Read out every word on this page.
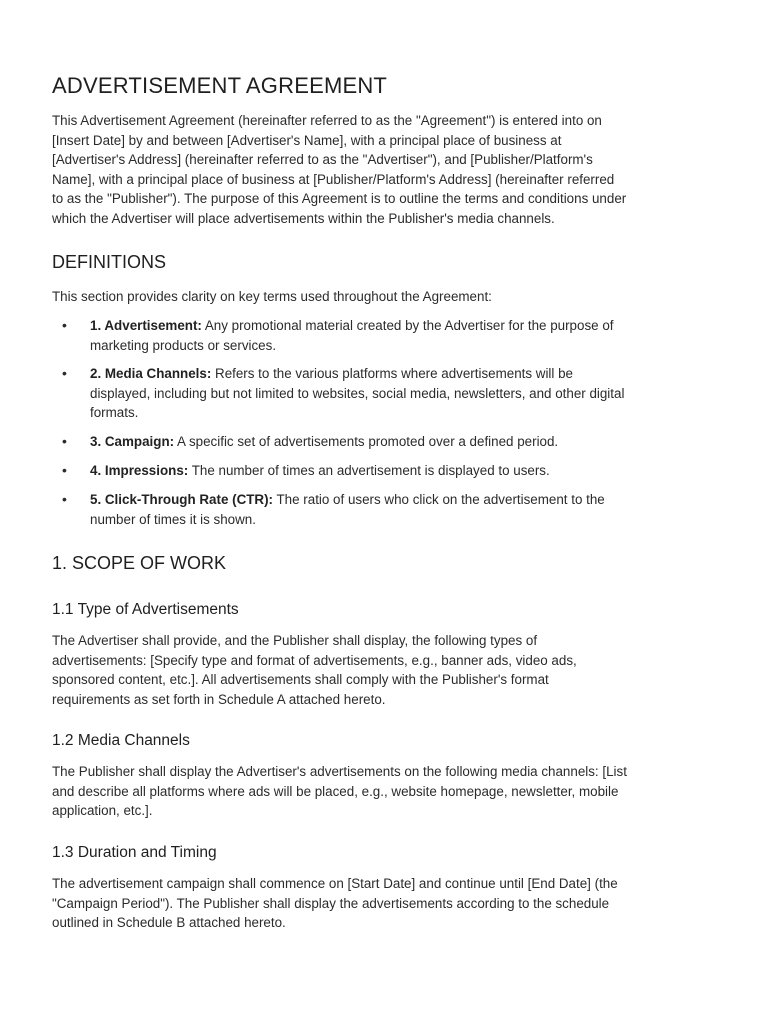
ADVERTISEMENT AGREEMENT
This Advertisement Agreement (hereinafter referred to as the "Agreement") is entered into on
[Insert Date] by and between [Advertiser's Name], with a principal place of business at
[Advertiser's Address] (hereinafter referred to as the "Advertiser"), and [Publisher/Platform's
Name], with a principal place of business at [Publisher/Platform's Address] (hereinafter referred
to as the "Publisher"). The purpose of this Agreement is to outline the terms and conditions under
which the Advertiser will place advertisements within the Publisher's media channels.
DEFINITIONS
This section provides clarity on key terms used throughout the Agreement:
• 1. Advertisement: Any promotional material created by the Advertiser for the purpose of
marketing products or services.
• 2. Media Channels: Refers to the various platforms where advertisements will be
displayed, including but not limited to websites, social media, newsletters, and other digital
formats.
• 3. Campaign: A specific set of advertisements promoted over a defined period.
• 4. Impressions: The number of times an advertisement is displayed to users.
• 5. Click-Through Rate (CTR): The ratio of users who click on the advertisement to the
number of times it is shown.
1. SCOPE OF WORK
1.1 Type of Advertisements
The Advertiser shall provide, and the Publisher shall display, the following types of
advertisements: [Specify type and format of advertisements, e.g., banner ads, video ads,
sponsored content, etc.]. All advertisements shall comply with the Publisher's format
requirements as set forth in Schedule A attached hereto.
1.2 Media Channels
The Publisher shall display the Advertiser's advertisements on the following media channels: [List
and describe all platforms where ads will be placed, e.g., website homepage, newsletter, mobile
application, etc.].
1.3 Duration and Timing
The advertisement campaign shall commence on [Start Date] and continue until [End Date] (the
"Campaign Period"). The Publisher shall display the advertisements according to the schedule
outlined in Schedule B attached hereto.
